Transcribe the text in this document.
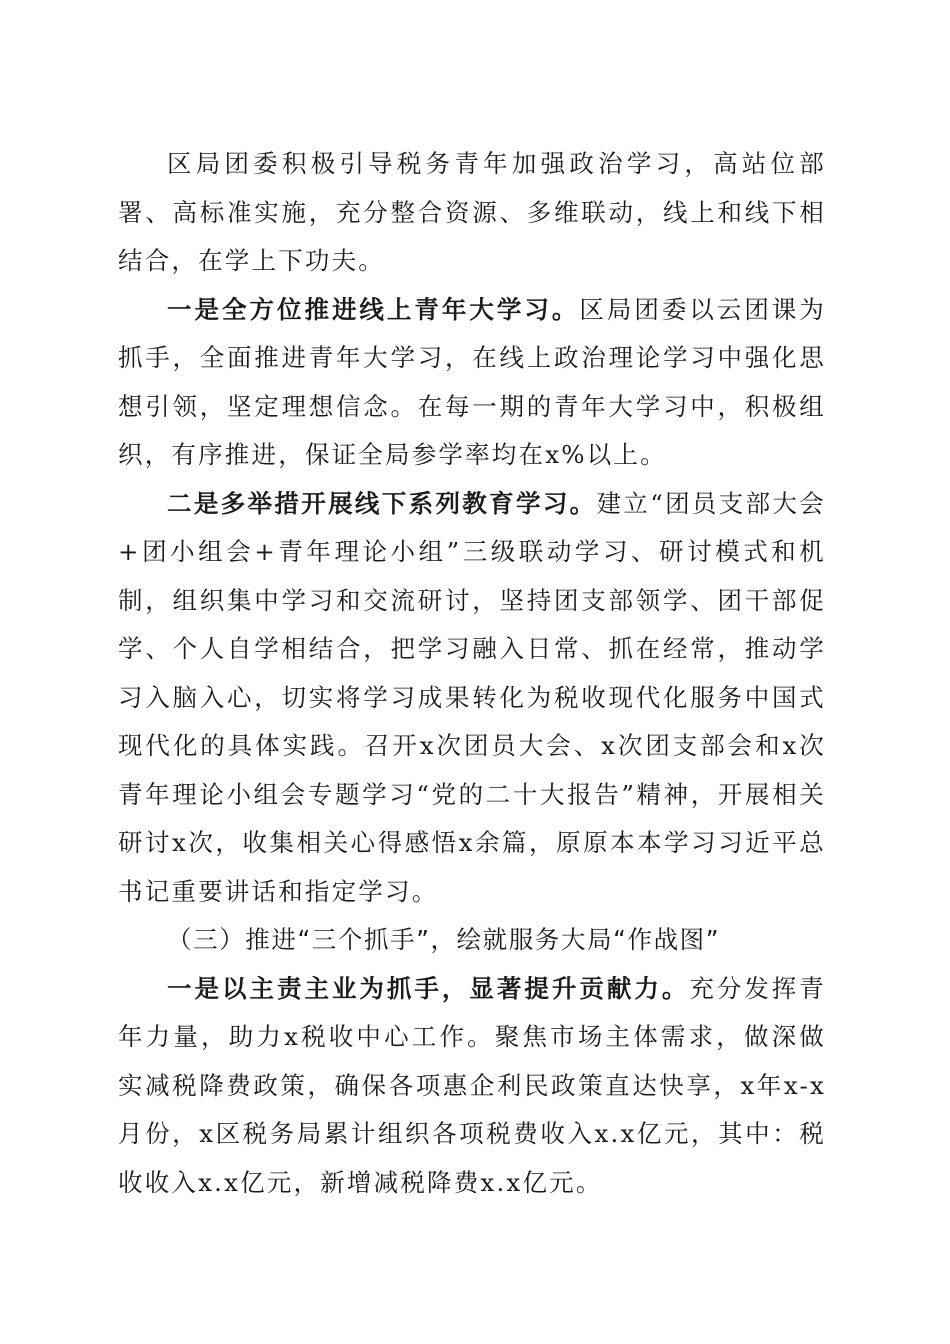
区局团委积极引导税务青年加强政治学习，高站位部署、高标准实施，充分整合资源、多维联动，线上和线下相结合，在学上下功夫。

一是全方位推进线上青年大学习。区局团委以云团课为抓手，全面推进青年大学习，在线上政治理论学习中强化思想引领，坚定理想信念。在每一期的青年大学习中，积极组织，有序推进，保证全局参学率均在x%以上。

二是多举措开展线下系列教育学习。建立“团员支部大会+团小组会+青年理论小组”三级联动学习、研讨模式和机制，组织集中学习和交流研讨，坚持团支部领学、团干部促学、个人自学相结合，把学习融入日常、抓在经常，推动学习入脑入心，切实将学习成果转化为税收现代化服务中国式现代化的具体实践。召开x次团员大会、x次团支部会和x次青年理论小组会专题学习“党的二十大报告”精神，开展相关研讨x次，收集相关心得感悟x余篇，原原本本学习习近平总书记重要讲话和指定学习。

（三）推进“三个抓手”，绘就服务大局“作战图”

一是以主责主业为抓手，显著提升贡献力。充分发挥青年力量，助力x税收中心工作。聚焦市场主体需求，做深做实减税降费政策，确保各项惠企利民政策直达快享，x年x-x月份，x区税务局累计组织各项税费收入x.x亿元，其中：税收收入x.x亿元，新增减税降费x.x亿元。
